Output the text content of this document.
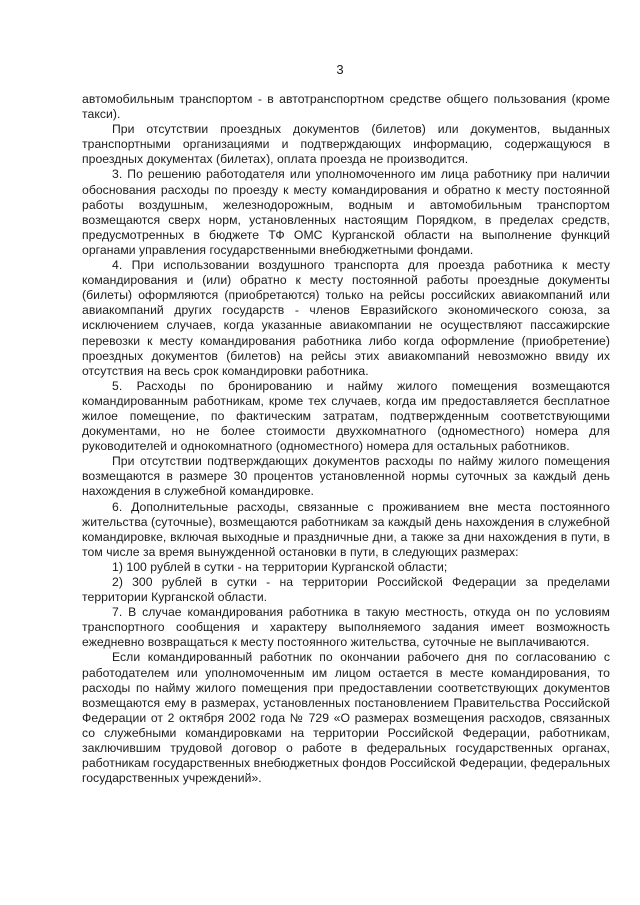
3

автомобильным транспортом - в автотранспортном средстве общего пользования (кроме такси).

При отсутствии проездных документов (билетов) или документов, выданных транспортными организациями и подтверждающих информацию, содержащуюся в проездных документах (билетах), оплата проезда не производится.

3. По решению работодателя или уполномоченного им лица работнику при наличии обоснования расходы по проезду к месту командирования и обратно к месту постоянной работы воздушным, железнодорожным, водным и автомобильным транспортом возмещаются сверх норм, установленных настоящим Порядком, в пределах средств, предусмотренных в бюджете ТФ ОМС Курганской области на выполнение функций органами управления государственными внебюджетными фондами.

4. При использовании воздушного транспорта для проезда работника к месту командирования и (или) обратно к месту постоянной работы проездные документы (билеты) оформляются (приобретаются) только на рейсы российских авиакомпаний или авиакомпаний других государств - членов Евразийского экономического союза, за исключением случаев, когда указанные авиакомпании не осуществляют пассажирские перевозки к месту командирования работника либо когда оформление (приобретение) проездных документов (билетов) на рейсы этих авиакомпаний невозможно ввиду их отсутствия на весь срок командировки работника.

5. Расходы по бронированию и найму жилого помещения возмещаются командированным работникам, кроме тех случаев, когда им предоставляется бесплатное жилое помещение, по фактическим затратам, подтвержденным соответствующими документами, но не более стоимости двухкомнатного (одноместного) номера для руководителей и однокомнатного (одноместного) номера для остальных работников.

При отсутствии подтверждающих документов расходы по найму жилого помещения возмещаются в размере 30 процентов установленной нормы суточных за каждый день нахождения в служебной командировке.

6. Дополнительные расходы, связанные с проживанием вне места постоянного жительства (суточные), возмещаются работникам за каждый день нахождения в служебной командировке, включая выходные и праздничные дни, а также за дни нахождения в пути, в том числе за время вынужденной остановки в пути, в следующих размерах:

1) 100 рублей в сутки - на территории Курганской области;

2) 300 рублей в сутки - на территории Российской Федерации за пределами территории Курганской области.

7. В случае командирования работника в такую местность, откуда он по условиям транспортного сообщения и характеру выполняемого задания имеет возможность ежедневно возвращаться к месту постоянного жительства, суточные не выплачиваются.

Если командированный работник по окончании рабочего дня по согласованию с работодателем или уполномоченным им лицом остается в месте командирования, то расходы по найму жилого помещения при предоставлении соответствующих документов возмещаются ему в размерах, установленных постановлением Правительства Российской Федерации от 2 октября 2002 года № 729 «О размерах возмещения расходов, связанных со служебными командировками на территории Российской Федерации, работникам, заключившим трудовой договор о работе в федеральных государственных органах, работникам государственных внебюджетных фондов Российской Федерации, федеральных государственных учреждений».
